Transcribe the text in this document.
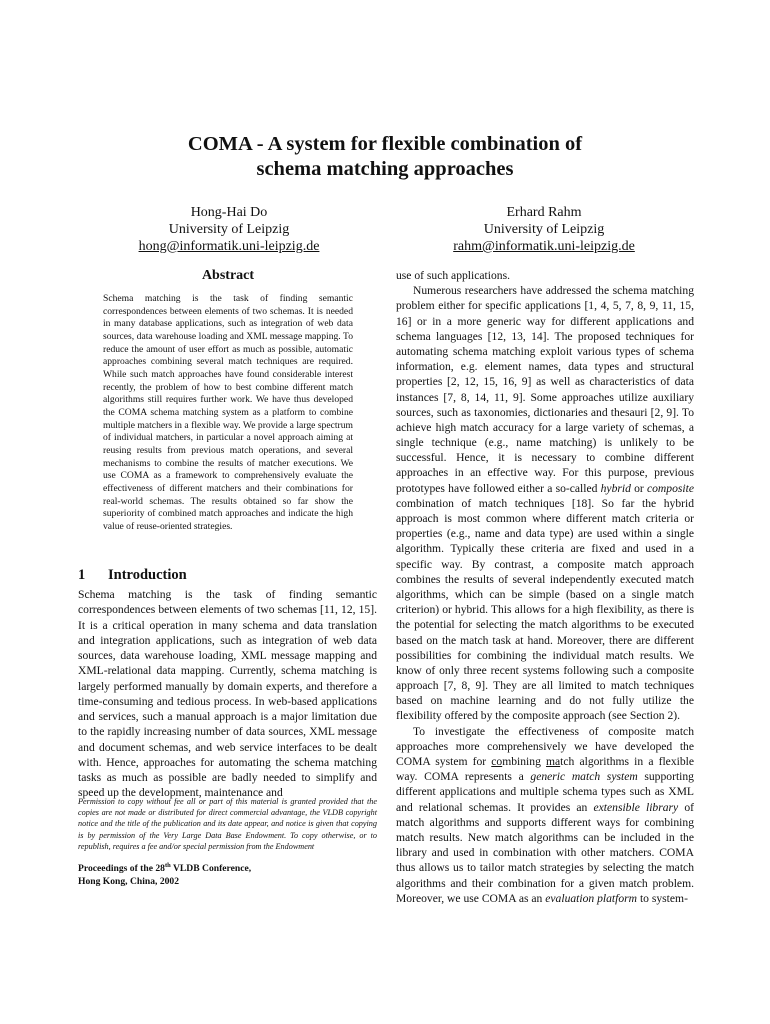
COMA - A system for flexible combination of
schema matching approaches
Hong-Hai Do
University of Leipzig
hong@informatik.uni-leipzig.de
Erhard Rahm
University of Leipzig
rahm@informatik.uni-leipzig.de
Abstract
Schema matching is the task of finding semantic correspondences between elements of two schemas. It is needed in many database applications, such as integration of web data sources, data warehouse loading and XML message mapping. To reduce the amount of user effort as much as possible, automatic approaches combining several match techniques are required. While such match approaches have found considerable interest recently, the problem of how to best combine different match algorithms still requires further work. We have thus developed the COMA schema matching system as a platform to combine multiple matchers in a flexible way. We provide a large spectrum of individual matchers, in particular a novel approach aiming at reusing results from previous match operations, and several mechanisms to combine the results of matcher executions. We use COMA as a framework to comprehensively evaluate the effectiveness of different matchers and their combinations for real-world schemas. The results obtained so far show the superiority of combined match approaches and indicate the high value of reuse-oriented strategies.
1 Introduction
Schema matching is the task of finding semantic correspondences between elements of two schemas [11, 12, 15]. It is a critical operation in many schema and data translation and integration applications, such as integration of web data sources, data warehouse loading, XML message mapping and XML-relational data mapping. Currently, schema matching is largely performed manually by domain experts, and therefore a time-consuming and tedious process. In web-based applications and services, such a manual approach is a major limitation due to the rapidly increasing number of data sources, XML message and document schemas, and web service interfaces to be dealt with. Hence, approaches for automating the schema matching tasks as much as possible are badly needed to simplify and speed up the development, maintenance and
Permission to copy without fee all or part of this material is granted provided that the copies are not made or distributed for direct commercial advantage, the VLDB copyright notice and the title of the publication and its date appear, and notice is given that copying is by permission of the Very Large Data Base Endowment. To copy otherwise, or to republish, requires a fee and/or special permission from the Endowment
Proceedings of the 28th VLDB Conference,
Hong Kong, China, 2002

use of such applications.

Numerous researchers have addressed the schema matching problem either for specific applications [1, 4, 5, 7, 8, 9, 11, 15, 16] or in a more generic way for different applications and schema languages [12, 13, 14]. The proposed techniques for automating schema matching exploit various types of schema information, e.g. element names, data types and structural properties [2, 12, 15, 16, 9] as well as characteristics of data instances [7, 8, 14, 11, 9]. Some approaches utilize auxiliary sources, such as taxonomies, dictionaries and thesauri [2, 9]. To achieve high match accuracy for a large variety of schemas, a single technique (e.g., name matching) is unlikely to be successful. Hence, it is necessary to combine different approaches in an effective way. For this purpose, previous prototypes have followed either a so-called hybrid or composite combination of match techniques [18]. So far the hybrid approach is most common where different match criteria or properties (e.g., name and data type) are used within a single algorithm. Typically these criteria are fixed and used in a specific way. By contrast, a composite match approach combines the results of several independently executed match algorithms, which can be simple (based on a single match criterion) or hybrid. This allows for a high flexibility, as there is the potential for selecting the match algorithms to be executed based on the match task at hand. Moreover, there are different possibilities for combining the individual match results. We know of only three recent systems following such a composite approach [7, 8, 9]. They are all limited to match techniques based on machine learning and do not fully utilize the flexibility offered by the composite approach (see Section 2).

To investigate the effectiveness of composite match approaches more comprehensively we have developed the COMA system for combining match algorithms in a flexible way. COMA represents a generic match system supporting different applications and multiple schema types such as XML and relational schemas. It provides an extensible library of match algorithms and supports different ways for combining match results. New match algorithms can be included in the library and used in combination with other matchers. COMA thus allows us to tailor match strategies by selecting the match algorithms and their combination for a given match problem. Moreover, we use COMA as an evaluation platform to system-
